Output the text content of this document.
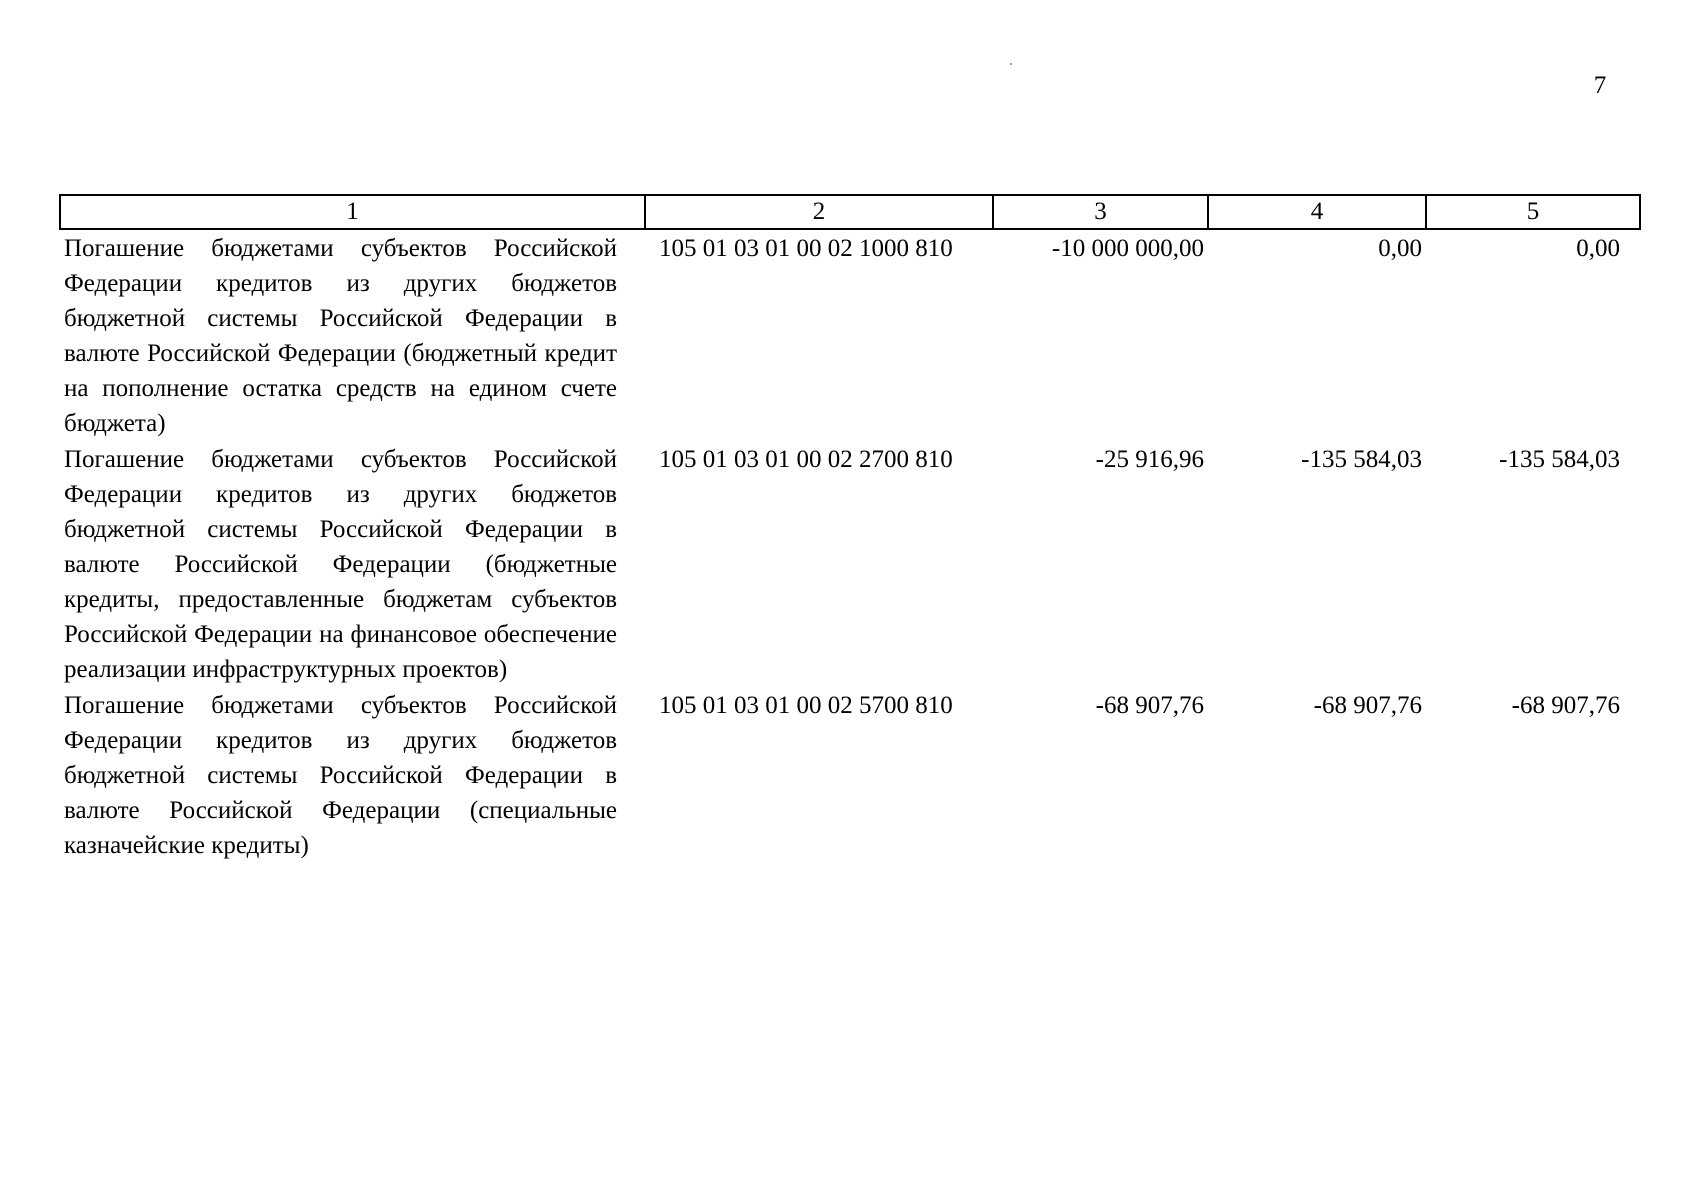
7
1	2	3	4	5
Погашение бюджетами субъектов Российской Федерации кредитов из других бюджетов бюджетной системы Российской Федерации в валюте Российской Федерации (бюджетный кредит на пополнение остатка средств на едином счете бюджета)	105 01 03 01 00 02 1000 810	-10 000 000,00	0,00	0,00
Погашение бюджетами субъектов Российской Федерации кредитов из других бюджетов бюджетной системы Российской Федерации в валюте Российской Федерации (бюджетные кредиты, предоставленные бюджетам субъектов Российской Федерации на финансовое обеспечение реализации инфраструктурных проектов)	105 01 03 01 00 02 2700 810	-25 916,96	-135 584,03	-135 584,03
Погашение бюджетами субъектов Российской Федерации кредитов из других бюджетов бюджетной системы Российской Федерации в валюте Российской Федерации (специальные казначейские кредиты)	105 01 03 01 00 02 5700 810	-68 907,76	-68 907,76	-68 907,76
